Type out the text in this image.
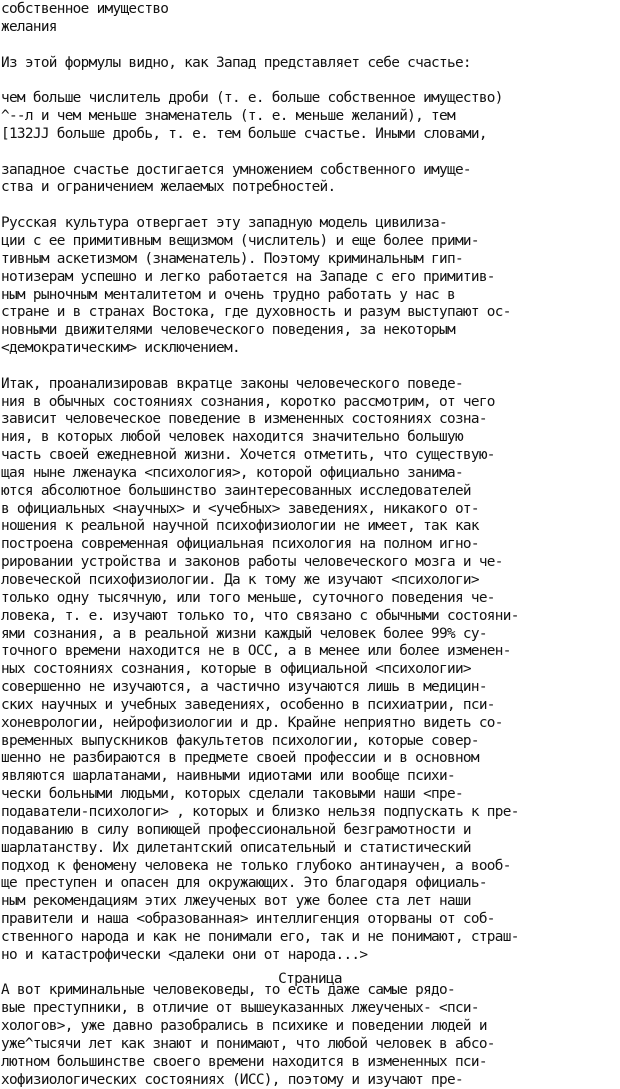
собственное имущество
желания
Из этой формулы видно, как Запад представляет себе счастье:
чем больше числитель дроби (т. е. больше собственное имущество)
^--л и чем меньше знаменатель (т. е. меньше желаний), тем
[132JJ больше дробь, т. е. тем больше счастье. Иными словами,
западное счастье достигается умножением собственного имуще-
ства и ограничением желаемых потребностей.
Русская культура отвергает эту западную модель цивилиза-
ции с ее примитивным вещизмом (числитель) и еще более прими-
тивным аскетизмом (знаменатель). Поэтому криминальным гип-
нотизерам успешно и легко работается на Западе с его примитив-
ным рыночным менталитетом и очень трудно работать у нас в
стране и в странах Востока, где духовность и разум выступают ос-
новными движителями человеческого поведения, за некоторым
<демократическим> исключением.
Итак, проанализировав вкратце законы человеческого поведе-
ния в обычных состояниях сознания, коротко рассмотрим, от чего
зависит человеческое поведение в измененных состояниях созна-
ния, в которых любой человек находится значительно большую
часть своей ежедневной жизни. Хочется отметить, что существую-
щая ныне лженаука <психология>, которой официально занима-
ются абсолютное большинство заинтересованных исследователей
в официальных <научных> и <учебных> заведениях, никакого от-
ношения к реальной научной психофизиологии не имеет, так как
построена современная официальная психология на полном игно-
рировании устройства и законов работы человеческого мозга и че-
ловеческой психофизиологии. Да к тому же изучают <психологи>
только одну тысячную, или того меньше, суточного поведения че-
ловека, т. е. изучают только то, что связано с обычными состояни-
ями сознания, а в реальной жизни каждый человек более 99% су-
точного времени находится не в ОСС, а в менее или более изменен-
ных состояниях сознания, которые в официальной <психологии>
совершенно не изучаются, а частично изучаются лишь в медицин-
ских научных и учебных заведениях, особенно в психиатрии, пси-
хоневрологии, нейрофизиологии и др. Крайне неприятно видеть со-
временных выпускников факультетов психологии, которые совер-
шенно не разбираются в предмете своей профессии и в основном
являются шарлатанами, наивными идиотами или вообще психи-
чески больными людьми, которых сделали таковыми наши <пре-
подаватели-психологи> , которых и близко нельзя подпускать к пре-
подаванию в силу вопиющей профессиональной безграмотности и
шарлатанству. Их дилетантский описательный и статистический
подход к феномену человека не только глубоко антинаучен, а вооб-
ще преступен и опасен для окружающих. Это благодаря официаль-
ным рекомендациям этих лжеученых вот уже более ста лет наши
правители и наша <образованная> интеллигенция оторваны от соб-
ственного народа и как не понимали его, так и не понимают, страш-
но и катастрофически <далеки они от народа...>
А вот криминальные человековеды, то есть даже самые рядо-
вые преступники, в отличие от вышеуказанных лжеученых- <пси-
хологов>, уже давно разобрались в психике и поведении людей и
уже^тысячи лет как знают и понимают, что любой человек в абсо-
лютном большинстве своего времени находится в измененных пси-
хофизиологических состояниях (ИСС), поэтому и изучают пре-
Страница
